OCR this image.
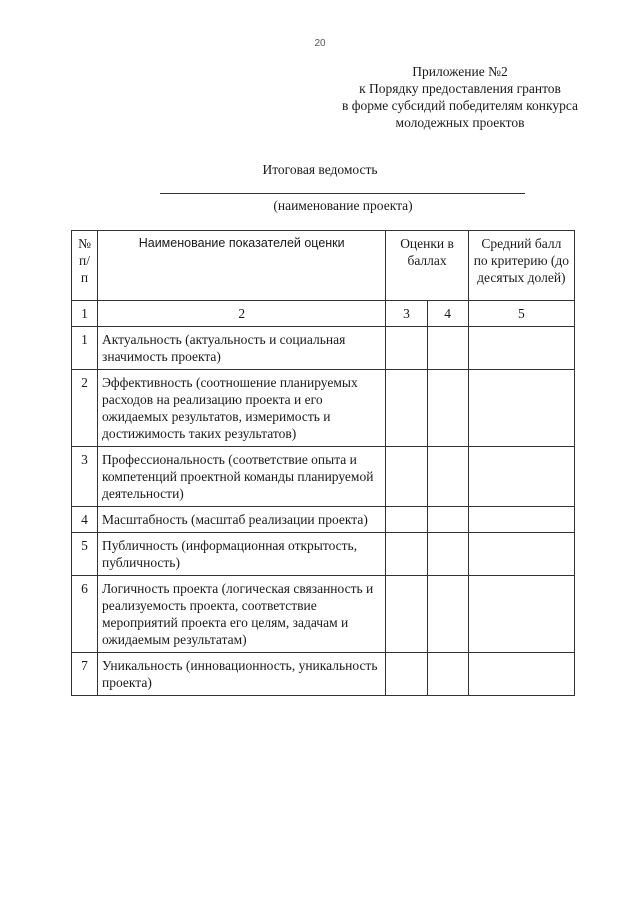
20
Приложение №2
к Порядку предоставления грантов
в форме субсидий победителям конкурса
молодежных проектов
Итоговая ведомость
(наименование проекта)
№ п/п	Наименование показателей оценки	Оценки в баллах		Средний балл по критерию (до десятых долей)
1	2	3	4	5
1	Актуальность (актуальность и социальная значимость проекта)			
2	Эффективность (соотношение планируемых расходов на реализацию проекта и его ожидаемых результатов, измеримость и достижимость таких результатов)			
3	Профессиональность (соответствие опыта и компетенций проектной команды планируемой деятельности)			
4	Масштабность (масштаб реализации проекта)			
5	Публичность (информационная открытость, публичность)			
6	Логичность проекта (логическая связанность и реализуемость проекта, соответствие мероприятий проекта его целям, задачам и ожидаемым результатам)			
7	Уникальность (инновационность, уникальность проекта)			
